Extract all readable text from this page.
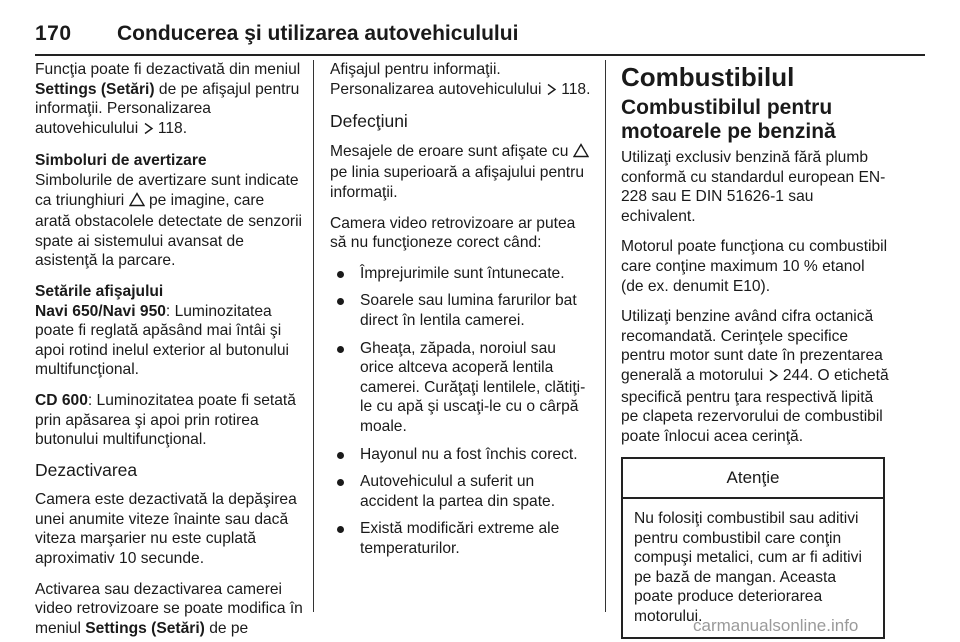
170 Conducerea şi utilizarea autovehiculului

Funcţia poate fi dezactivată din meniul Settings (Setări) de pe afişajul pentru informaţii. Personalizarea autovehiculului  118.

Simboluri de avertizare

Simbolurile de avertizare sunt indicate ca triunghiuri  pe imagine, care arată obstacolele detectate de senzorii spate ai sistemului avansat de asistenţă la parcare.

Setările afişajului

Navi 650/Navi 950: Luminozitatea poate fi reglată apăsând mai întâi şi apoi rotind inelul exterior al butonului multifuncţional.

CD 600: Luminozitatea poate fi setată prin apăsarea şi apoi prin rotirea butonului multifuncţional.

Dezactivarea

Camera este dezactivată la depăşirea unei anumite viteze înainte sau dacă viteza marşarier nu este cuplată aproximativ 10 secunde.

Activarea sau dezactivarea camerei video retrovizoare se poate modifica în meniul Settings (Setări) de pe

Afişajul pentru informaţii. Personalizarea autovehiculului  118.

Defecţiuni

Mesajele de eroare sunt afişate cu  pe linia superioară a afişajului pentru informaţii.

Camera video retrovizoare ar putea să nu funcţioneze corect când:

Împrejurimile sunt întunecate.
Soarele sau lumina farurilor bat direct în lentila camerei.
Gheaţa, zăpada, noroiul sau orice altceva acoperă lentila camerei. Curăţaţi lentilele, clătiţi-le cu apă şi uscaţi-le cu o cârpă moale.
Hayonul nu a fost închis corect.
Autovehiculul a suferit un accident la partea din spate.
Există modificări extreme ale temperaturilor.
Combustibilul
Combustibilul pentru motoarele pe benzină

Utilizaţi exclusiv benzină fără plumb conformă cu standardul european EN-228 sau E DIN 51626-1 sau echivalent.

Motorul poate funcţiona cu combustibil care conţine maximum 10 % etanol (de ex. denumit E10).

Utilizaţi benzine având cifra octanică recomandată. Cerinţele specifice pentru motor sunt date în prezentarea generală a motorului  244. O etichetă specifică pentru ţara respectivă lipită pe clapeta rezervorului de combustibil poate înlocui acea cerinţă.

Atenţie
Nu folosiţi combustibil sau aditivi pentru combustibil care conţin compuşi metalici, cum ar fi aditivi pe bază de mangan. Aceasta poate produce deteriorarea motorului.
carmanualsonline.info
